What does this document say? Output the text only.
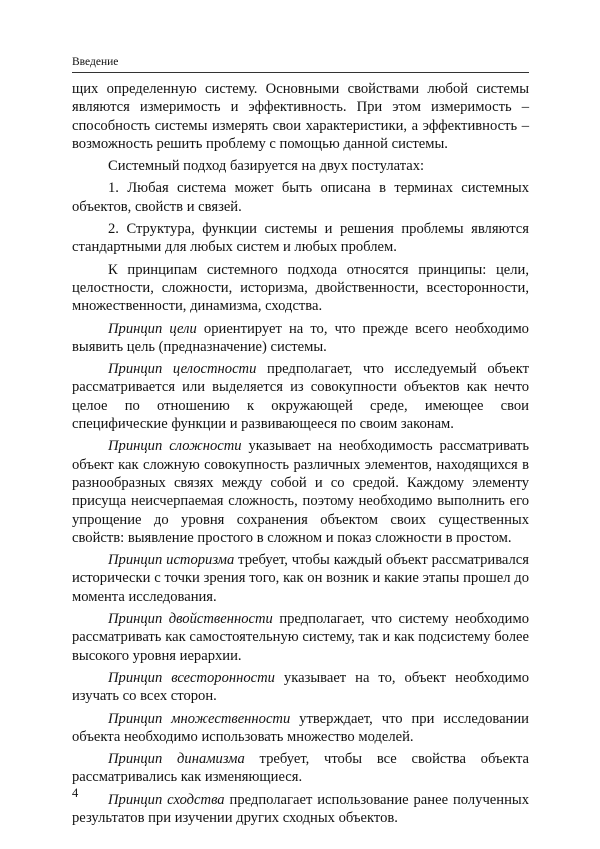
Введение

щих определенную систему. Основными свойствами любой системы являются измеримость и эффективность. При этом измеримость – способность системы измерять свои характеристики, а эффективность – возможность решить проблему с помощью данной системы.

Системный подход базируется на двух постулатах:

1. Любая система может быть описана в терминах системных объектов, свойств и связей.

2. Структура, функции системы и решения проблемы являются стандартными для любых систем и любых проблем.

К принципам системного подхода относятся принципы: цели, целостности, сложности, историзма, двойственности, всесторонности, множественности, динамизма, сходства.

Принцип цели ориентирует на то, что прежде всего необходимо выявить цель (предназначение) системы.

Принцип целостности предполагает, что исследуемый объект рассматривается или выделяется из совокупности объектов как нечто целое по отношению к окружающей среде, имеющее свои специфические функции и развивающееся по своим законам.

Принцип сложности указывает на необходимость рассматривать объект как сложную совокупность различных элементов, находящихся в разнообразных связях между собой и со средой. Каждому элементу присуща неисчерпаемая сложность, поэтому необходимо выполнить его упрощение до уровня сохранения объектом своих существенных свойств: выявление простого в сложном и показ сложности в простом.

Принцип историзма требует, чтобы каждый объект рассматривался исторически с точки зрения того, как он возник и какие этапы прошел до момента исследования.

Принцип двойственности предполагает, что систему необходимо рассматривать как самостоятельную систему, так и как подсистему более высокого уровня иерархии.

Принцип всесторонности указывает на то, объект необходимо изучать со всех сторон.

Принцип множественности утверждает, что при исследовании объекта необходимо использовать множество моделей.

Принцип динамизма требует, чтобы все свойства объекта рассматривались как изменяющиеся.

Принцип сходства предполагает использование ранее полученных результатов при изучении других сходных объектов.

4
